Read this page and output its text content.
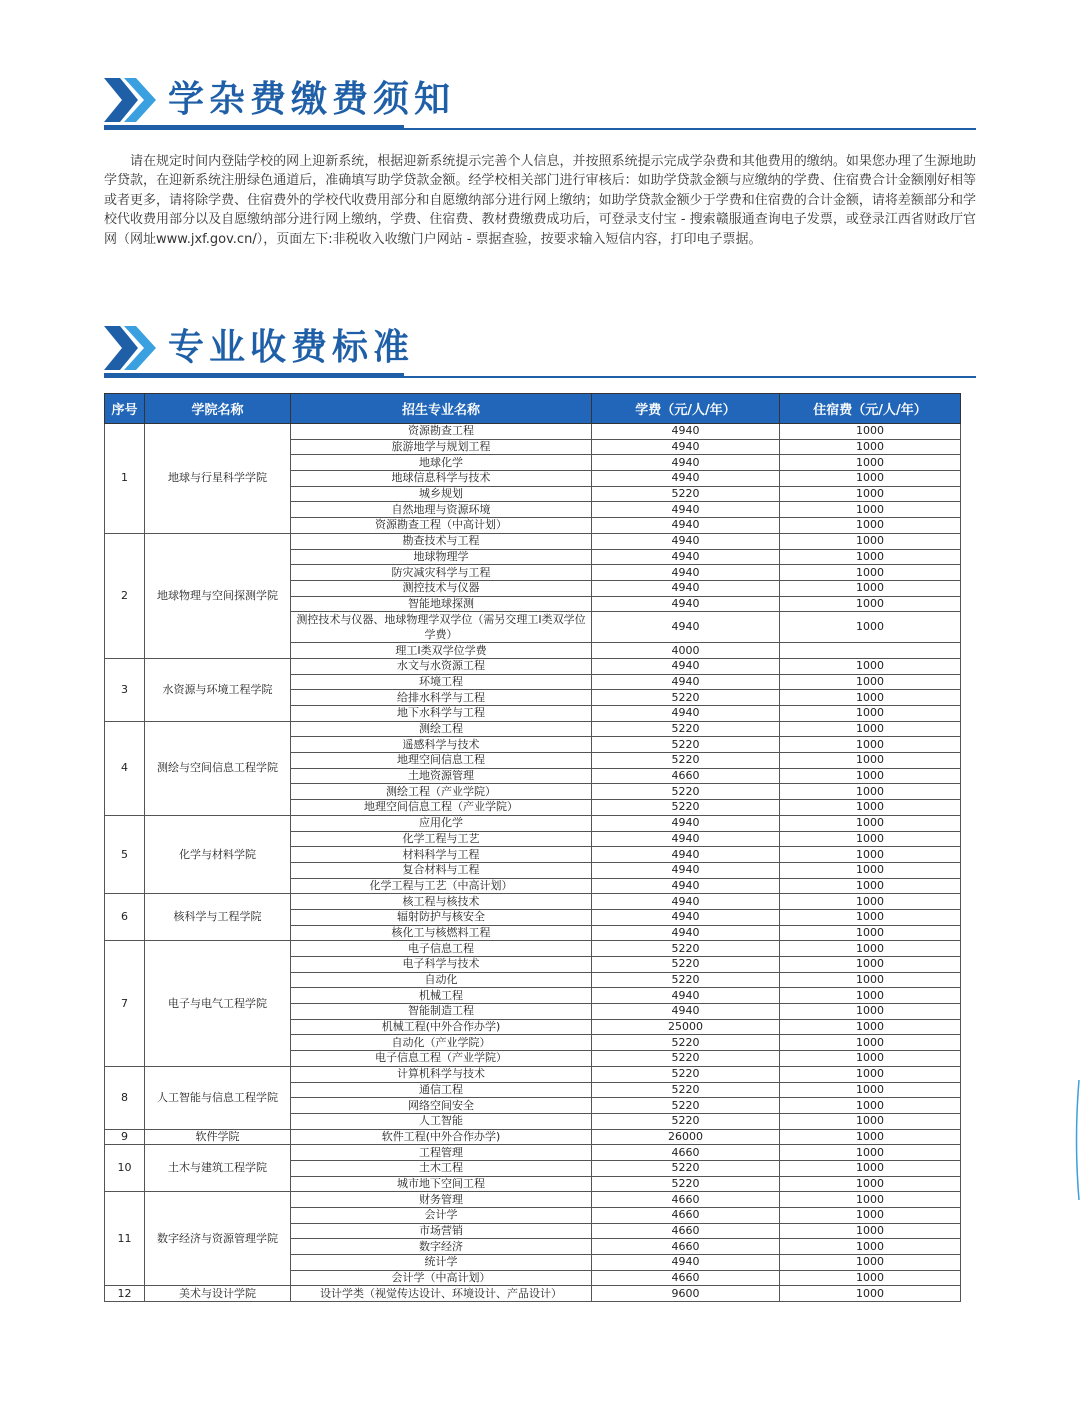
学杂费缴费须知

请在规定时间内登陆学校的网上迎新系统，根据迎新系统提示完善个人信息，并按照系统提示完成学杂费和其他费用的缴纳。如果您办理了生源地助学贷款，在迎新系统注册绿色通道后，准确填写助学贷款金额。经学校相关部门进行审核后：如助学贷款金额与应缴纳的学费、住宿费合计金额刚好相等或者更多，请将除学费、住宿费外的学校代收费用部分和自愿缴纳部分进行网上缴纳；如助学贷款金额少于学费和住宿费的合计金额，请将差额部分和学校代收费用部分以及自愿缴纳部分进行网上缴纳，学费、住宿费、教材费缴费成功后，可登录支付宝 - 搜索赣服通查询电子发票，或登录江西省财政厅官网（网址www.jxf.gov.cn/），页面左下:非税收入收缴门户网站 - 票据查验，按要求输入短信内容，打印电子票据。

专业收费标准
序号	学院名称	招生专业名称	学费（元/人/年）	住宿费（元/人/年）
1	地球与行星科学学院	资源勘查工程	4940	1000
		旅游地学与规划工程	4940	1000
		地球化学	4940	1000
		地球信息科学与技术	4940	1000
		城乡规划	5220	1000
		自然地理与资源环境	4940	1000
		资源勘查工程（中高计划）	4940	1000
2	地球物理与空间探测学院	勘查技术与工程	4940	1000
		地球物理学	4940	1000
		防灾减灾科学与工程	4940	1000
		测控技术与仪器	4940	1000
		智能地球探测	4940	1000
		测控技术与仪器、地球物理学双学位（需另交理工I类双学位学费）	4940	1000
		理工I类双学位学费	4000	
3	水资源与环境工程学院	水文与水资源工程	4940	1000
		环境工程	4940	1000
		给排水科学与工程	5220	1000
		地下水科学与工程	4940	1000
4	测绘与空间信息工程学院	测绘工程	5220	1000
		遥感科学与技术	5220	1000
		地理空间信息工程	5220	1000
		土地资源管理	4660	1000
		测绘工程（产业学院）	5220	1000
		地理空间信息工程（产业学院）	5220	1000
5	化学与材料学院	应用化学	4940	1000
		化学工程与工艺	4940	1000
		材料科学与工程	4940	1000
		复合材料与工程	4940	1000
		化学工程与工艺（中高计划）	4940	1000
6	核科学与工程学院	核工程与核技术	4940	1000
		辐射防护与核安全	4940	1000
		核化工与核燃料工程	4940	1000
7	电子与电气工程学院	电子信息工程	5220	1000
		电子科学与技术	5220	1000
		自动化	5220	1000
		机械工程	4940	1000
		智能制造工程	4940	1000
		机械工程(中外合作办学)	25000	1000
		自动化（产业学院）	5220	1000
		电子信息工程（产业学院）	5220	1000
8	人工智能与信息工程学院	计算机科学与技术	5220	1000
		通信工程	5220	1000
		网络空间安全	5220	1000
		人工智能	5220	1000
9	软件学院	软件工程(中外合作办学)	26000	1000
10	土木与建筑工程学院	工程管理	4660	1000
		土木工程	5220	1000
		城市地下空间工程	5220	1000
11	数字经济与资源管理学院	财务管理	4660	1000
		会计学	4660	1000
		市场营销	4660	1000
		数字经济	4660	1000
		统计学	4940	1000
		会计学（中高计划）	4660	1000
12	美术与设计学院	设计学类（视觉传达设计、环境设计、产品设计）	9600	1000
